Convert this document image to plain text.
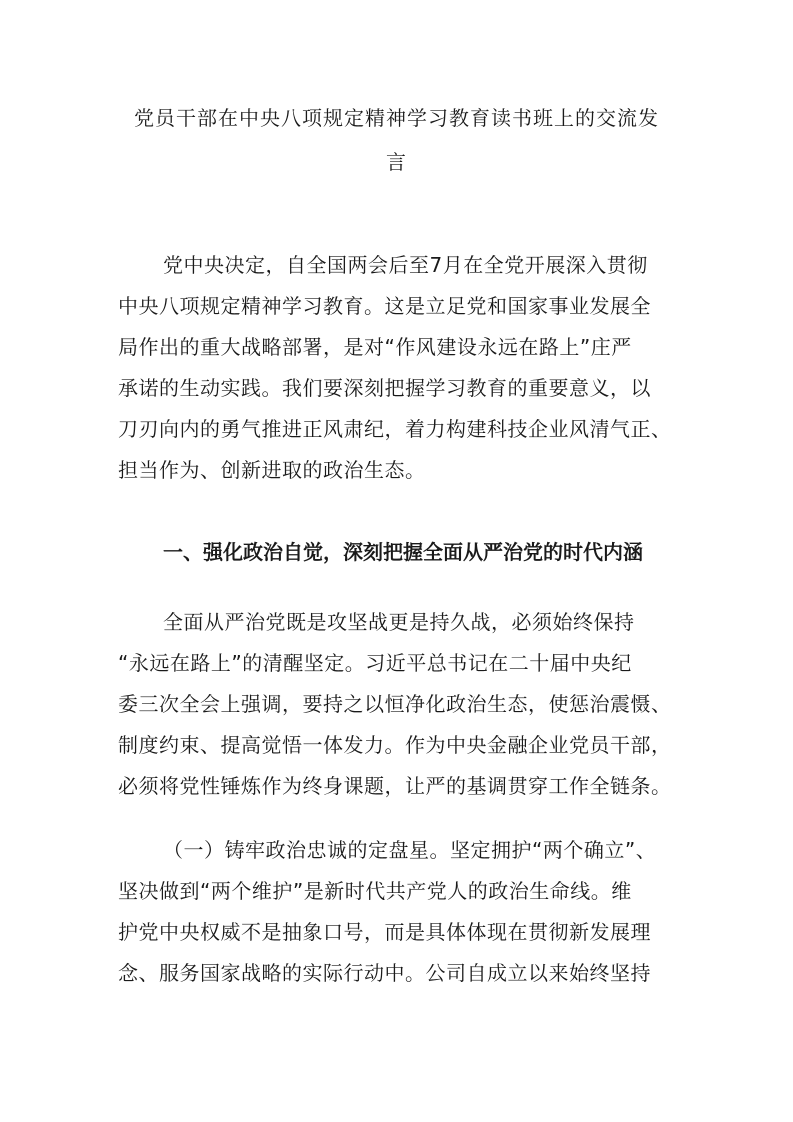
党员干部在中央八项规定精神学习教育读书班上的交流发
言
党中央决定，自全国两会后至7月在全党开展深入贯彻
中央八项规定精神学习教育。这是立足党和国家事业发展全
局作出的重大战略部署，是对“作风建设永远在路上”庄严
承诺的生动实践。我们要深刻把握学习教育的重要意义，以
刀刃向内的勇气推进正风肃纪，着力构建科技企业风清气正、
担当作为、创新进取的政治生态。
一、强化政治自觉，深刻把握全面从严治党的时代内涵
全面从严治党既是攻坚战更是持久战，必须始终保持
“永远在路上”的清醒坚定。习近平总书记在二十届中央纪
委三次全会上强调，要持之以恒净化政治生态，使惩治震慑、
制度约束、提高觉悟一体发力。作为中央金融企业党员干部，
必须将党性锤炼作为终身课题，让严的基调贯穿工作全链条。
（一）铸牢政治忠诚的定盘星。坚定拥护“两个确立”、
坚决做到“两个维护”是新时代共产党人的政治生命线。维
护党中央权威不是抽象口号，而是具体体现在贯彻新发展理
念、服务国家战略的实际行动中。公司自成立以来始终坚持
